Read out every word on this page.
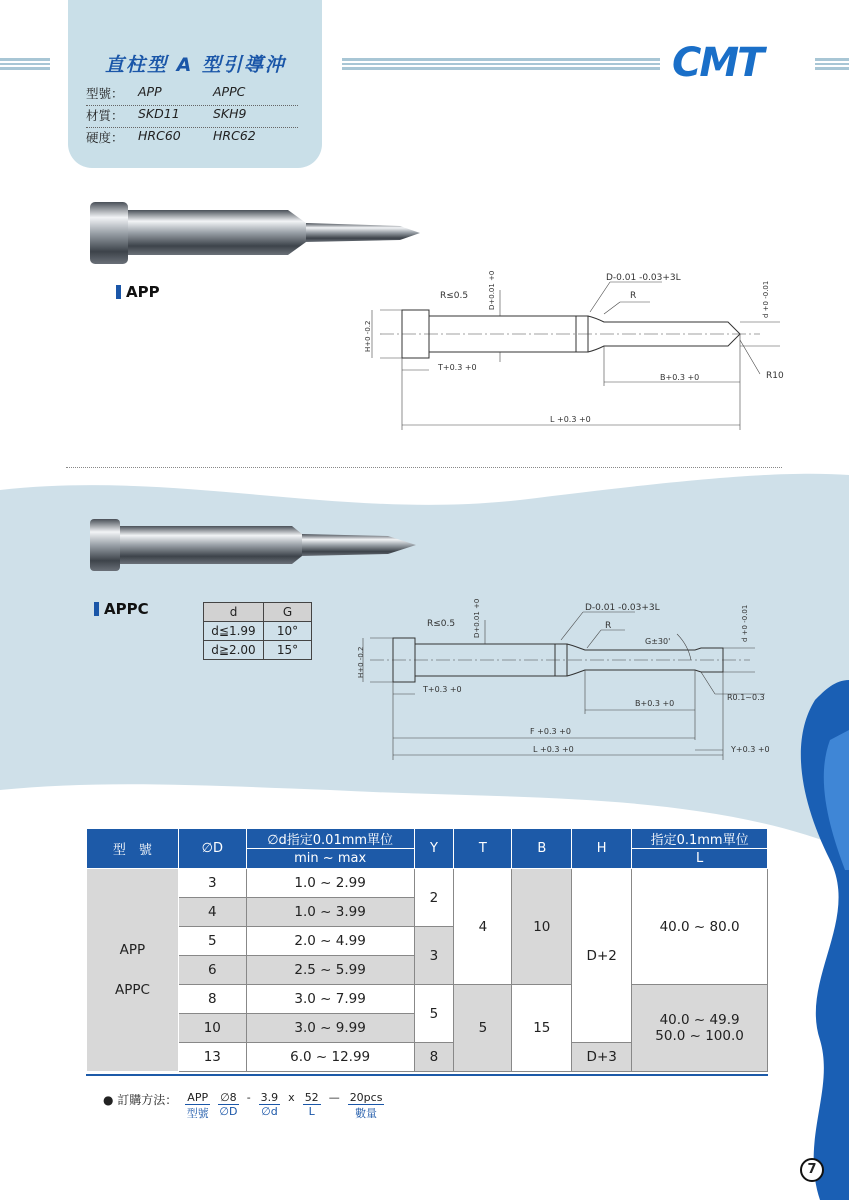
直柱型 A 型引導沖
型號：	APP	APPC
材質：	SKD11	SKH9
硬度：	HRC60	HRC62
CMT
APP	R≤0.5
D-0.01 -0.03+3L
R
T+0.3 +0
B+0.3 +0	R10
L +0.3 +0
H+0 -0.2
D+0.01 +0	d +0 -0.01
APPC	d	G
d≦1.99	10°
d≧2.00	15°
R≤0.5
D-0.01 -0.03+3L
R
G±30'
T+0.3 +0
B+0.3 +0
R0.1~0.3
F +0.3 +0
L +0.3 +0	Y+0.3 +0
H+0 -0.2
D+0.01 +0	d +0 -0.01
型　號	∅D	∅d指定0.01mm單位	Y	T	B	H	指定0.1mm單位
		min ~ max					L

APP
APPC	3	1.0 ~ 2.99	2	4	10	D+2	40.0 ~ 80.0
	4	1.0 ~ 3.99					
	5	2.0 ~ 4.99	3				
	6	2.5 ~ 5.99					
	8	3.0 ~ 7.99	5	5	15		40.0 ~ 49.9
50.0 ~ 100.0

	10	3.0 ~ 9.99					
	13	6.0 ~ 12.99	8			D+3	
● 訂購方法： APP
型號
∅8
∅D
- 3.9
∅d
x 52
L
— 20pcs
數量
7
